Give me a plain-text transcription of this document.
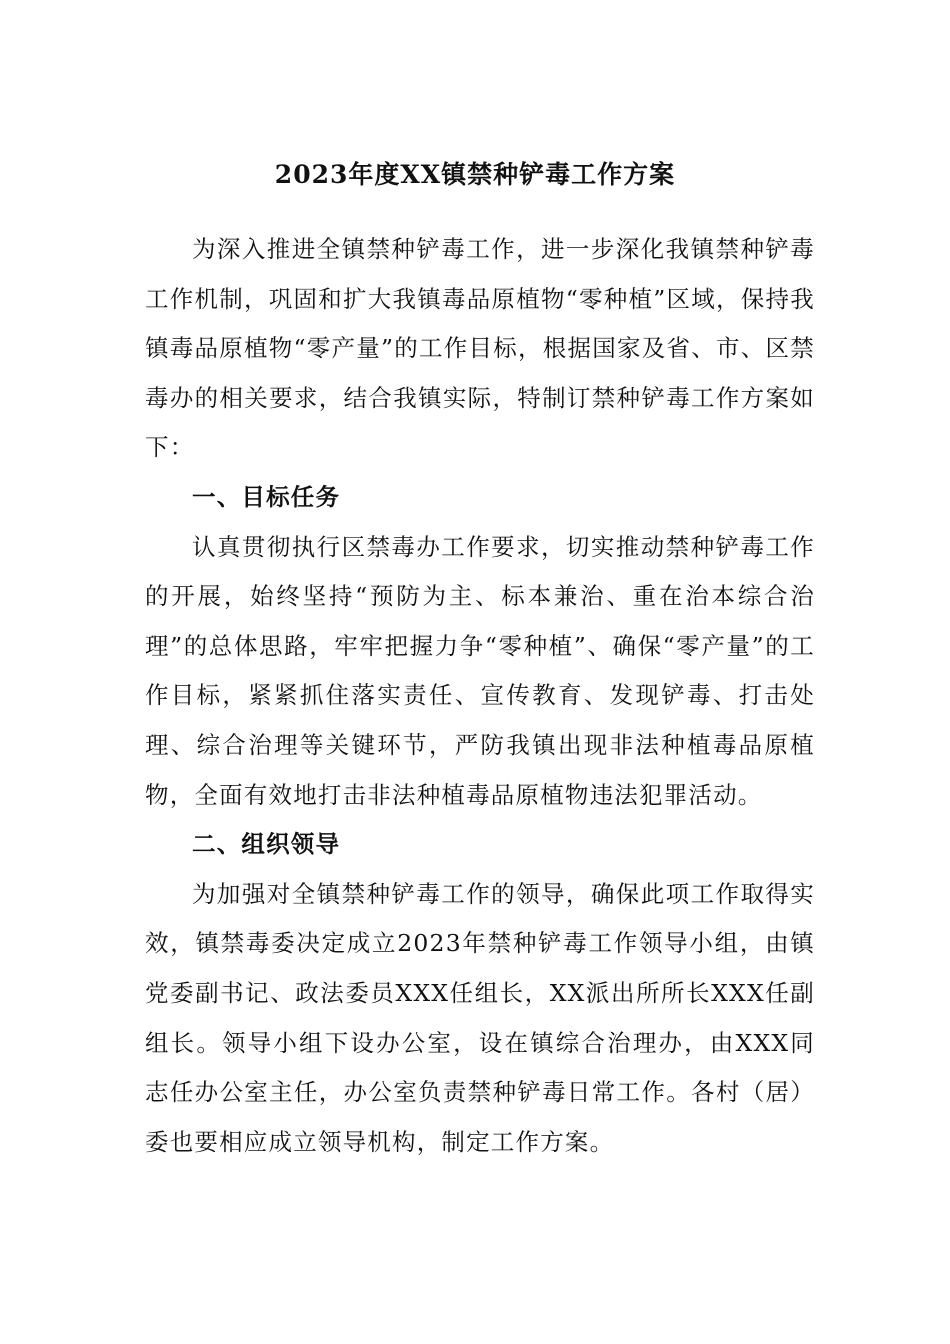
2023年度XX镇禁种铲毒工作方案

为深入推进全镇禁种铲毒工作，进一步深化我镇禁种铲毒工作机制，巩固和扩大我镇毒品原植物“零种植”区域，保持我镇毒品原植物“零产量”的工作目标，根据国家及省、市、区禁毒办的相关要求，结合我镇实际，特制订禁种铲毒工作方案如下：

一、目标任务

认真贯彻执行区禁毒办工作要求，切实推动禁种铲毒工作的开展，始终坚持“预防为主、标本兼治、重在治本综合治理”的总体思路，牢牢把握力争“零种植”、确保“零产量”的工作目标，紧紧抓住落实责任、宣传教育、发现铲毒、打击处理、综合治理等关键环节，严防我镇出现非法种植毒品原植物，全面有效地打击非法种植毒品原植物违法犯罪活动。

二、组织领导

为加强对全镇禁种铲毒工作的领导，确保此项工作取得实效，镇禁毒委决定成立2023年禁种铲毒工作领导小组，由镇党委副书记、政法委员XXX任组长，XX派出所所长XXX任副组长。领导小组下设办公室，设在镇综合治理办，由XXX同志任办公室主任，办公室负责禁种铲毒日常工作。各村（居）委也要相应成立领导机构，制定工作方案。
